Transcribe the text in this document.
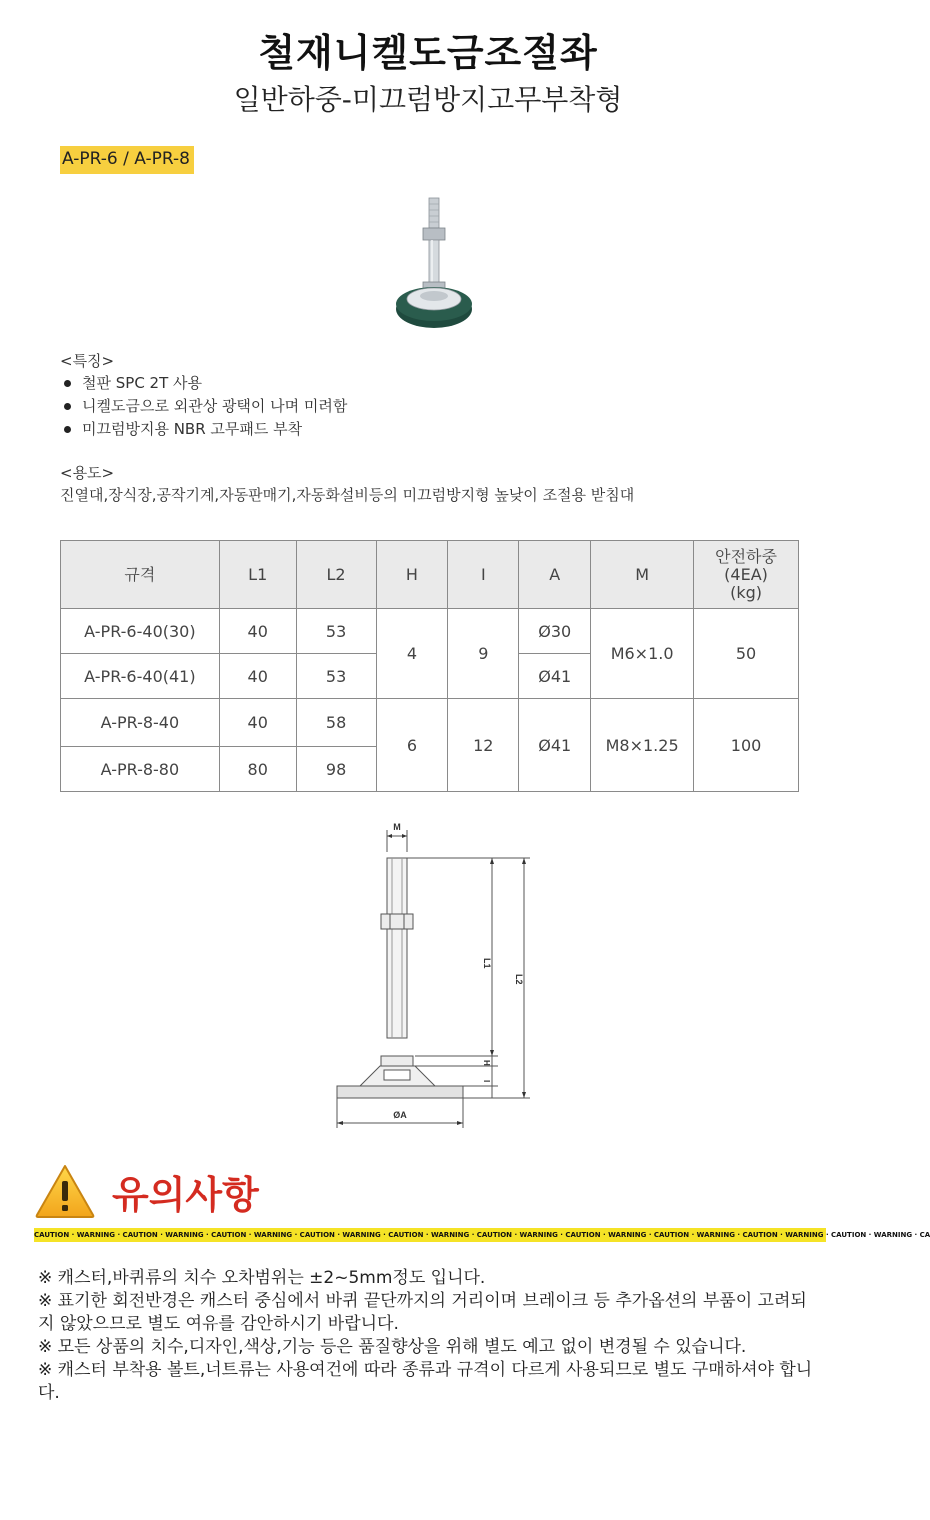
철재니켈도금조절좌
일반하중-미끄럼방지고무부착형
A-PR-6 / A-PR-8
<특징>
철판 SPC 2T 사용
니켈도금으로 외관상 광택이 나며 미려함
미끄럼방지용 NBR 고무패드 부착
<용도>
진열대,장식장,공작기계,자동판매기,자동화설비등의 미끄럼방지형 높낮이 조절용 받침대
규격	L1	L2	H	I	A	M	안전하중
(4EA)
(kg)
A-PR-6-40(30)	40	53	4	9	Ø30	M6×1.0	50
A-PR-6-40(41)	40	53			Ø41		
A-PR-8-40	40	58	6	12	Ø41	M8×1.25	100
A-PR-8-80	80	98					
M
L1
L2
H
I
ØA
유의사항
CAUTION · WARNING · CAUTION · WARNING · CAUTION · WARNING · CAUTION · WARNING · CAUTION · WARNING · CAUTION · WARNING · CAUTION · WARNING · CAUTION · WARNING · CAUTION · WARNING · CAUTION · WARNING · CA

※ 캐스터,바퀴류의 치수 오차범위는 ±2~5mm정도 입니다.

※ 표기한 회전반경은 캐스터 중심에서 바퀴 끝단까지의 거리이며 브레이크 등 추가옵션의 부품이 고려되지 않았으므로 별도 여유를 감안하시기 바랍니다.

※ 모든 상품의 치수,디자인,색상,기능 등은 품질향상을 위해 별도 예고 없이 변경될 수 있습니다.

※ 캐스터 부착용 볼트,너트류는 사용여건에 따라 종류과 규격이 다르게 사용되므로 별도 구매하셔야 합니다.
